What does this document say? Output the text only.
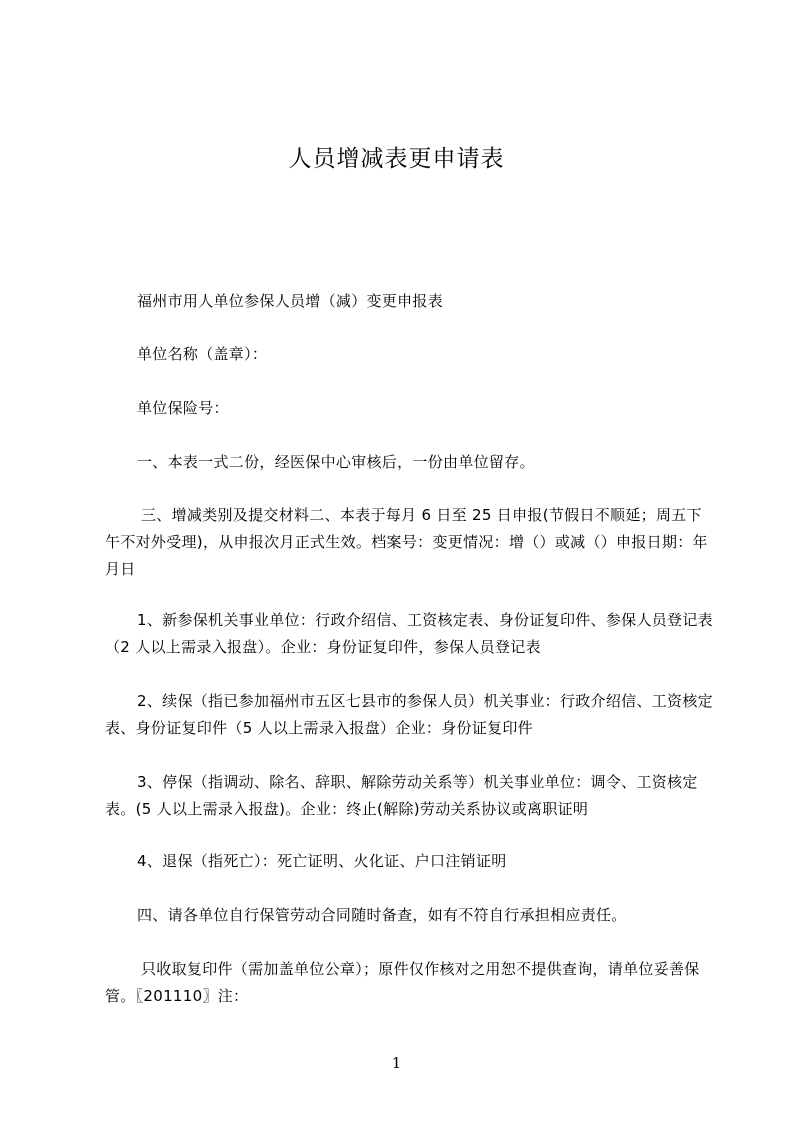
人员增减表更申请表

福州市用人单位参保人员增（减）变更申报表

单位名称（盖章）：

单位保险号：

一、本表一式二份，经医保中心审核后，一份由单位留存。

三、增减类别及提交材料二、本表于每月 6 日至 25 日申报(节假日不顺延；周五下午不对外受理)，从申报次月正式生效。档案号：变更情况：增（）或减（）申报日期：年月日

1、新参保机关事业单位：行政介绍信、工资核定表、身份证复印件、参保人员登记表（2 人以上需录入报盘）。企业：身份证复印件，参保人员登记表

2、续保（指已参加福州市五区七县市的参保人员）机关事业：行政介绍信、工资核定表、身份证复印件（5 人以上需录入报盘）企业：身份证复印件

3、停保（指调动、除名、辞职、解除劳动关系等）机关事业单位：调令、工资核定表。(5 人以上需录入报盘)。企业：终止(解除)劳动关系协议或离职证明

4、退保（指死亡）：死亡证明、火化证、户口注销证明

四、请各单位自行保管劳动合同随时备查，如有不符自行承担相应责任。

只收取复印件（需加盖单位公章）；原件仅作核对之用恕不提供查询，请单位妥善保管。〖201110〗注：

1
